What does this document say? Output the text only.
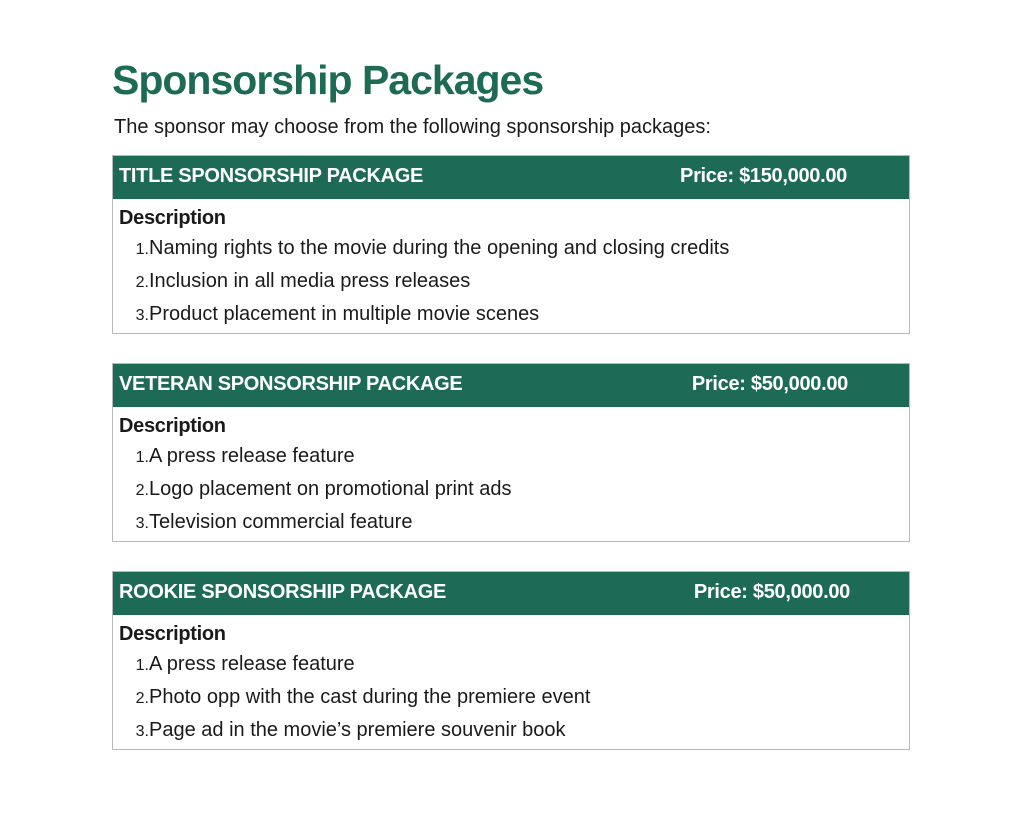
Sponsorship Packages
The sponsor may choose from the following sponsorship packages:
TITLE SPONSORSHIP PACKAGE	Price: $150,000.00
Description
1.Naming rights to the movie during the opening and closing credits
2.Inclusion in all media press releases
3.Product placement in multiple movie scenes
VETERAN SPONSORSHIP PACKAGE	Price: $50,000.00
Description
1.A press release feature
2.Logo placement on promotional print ads
3.Television commercial feature
ROOKIE SPONSORSHIP PACKAGE	Price: $50,000.00
Description
1.A press release feature
2.Photo opp with the cast during the premiere event
3.Page ad in the movie’s premiere souvenir book
